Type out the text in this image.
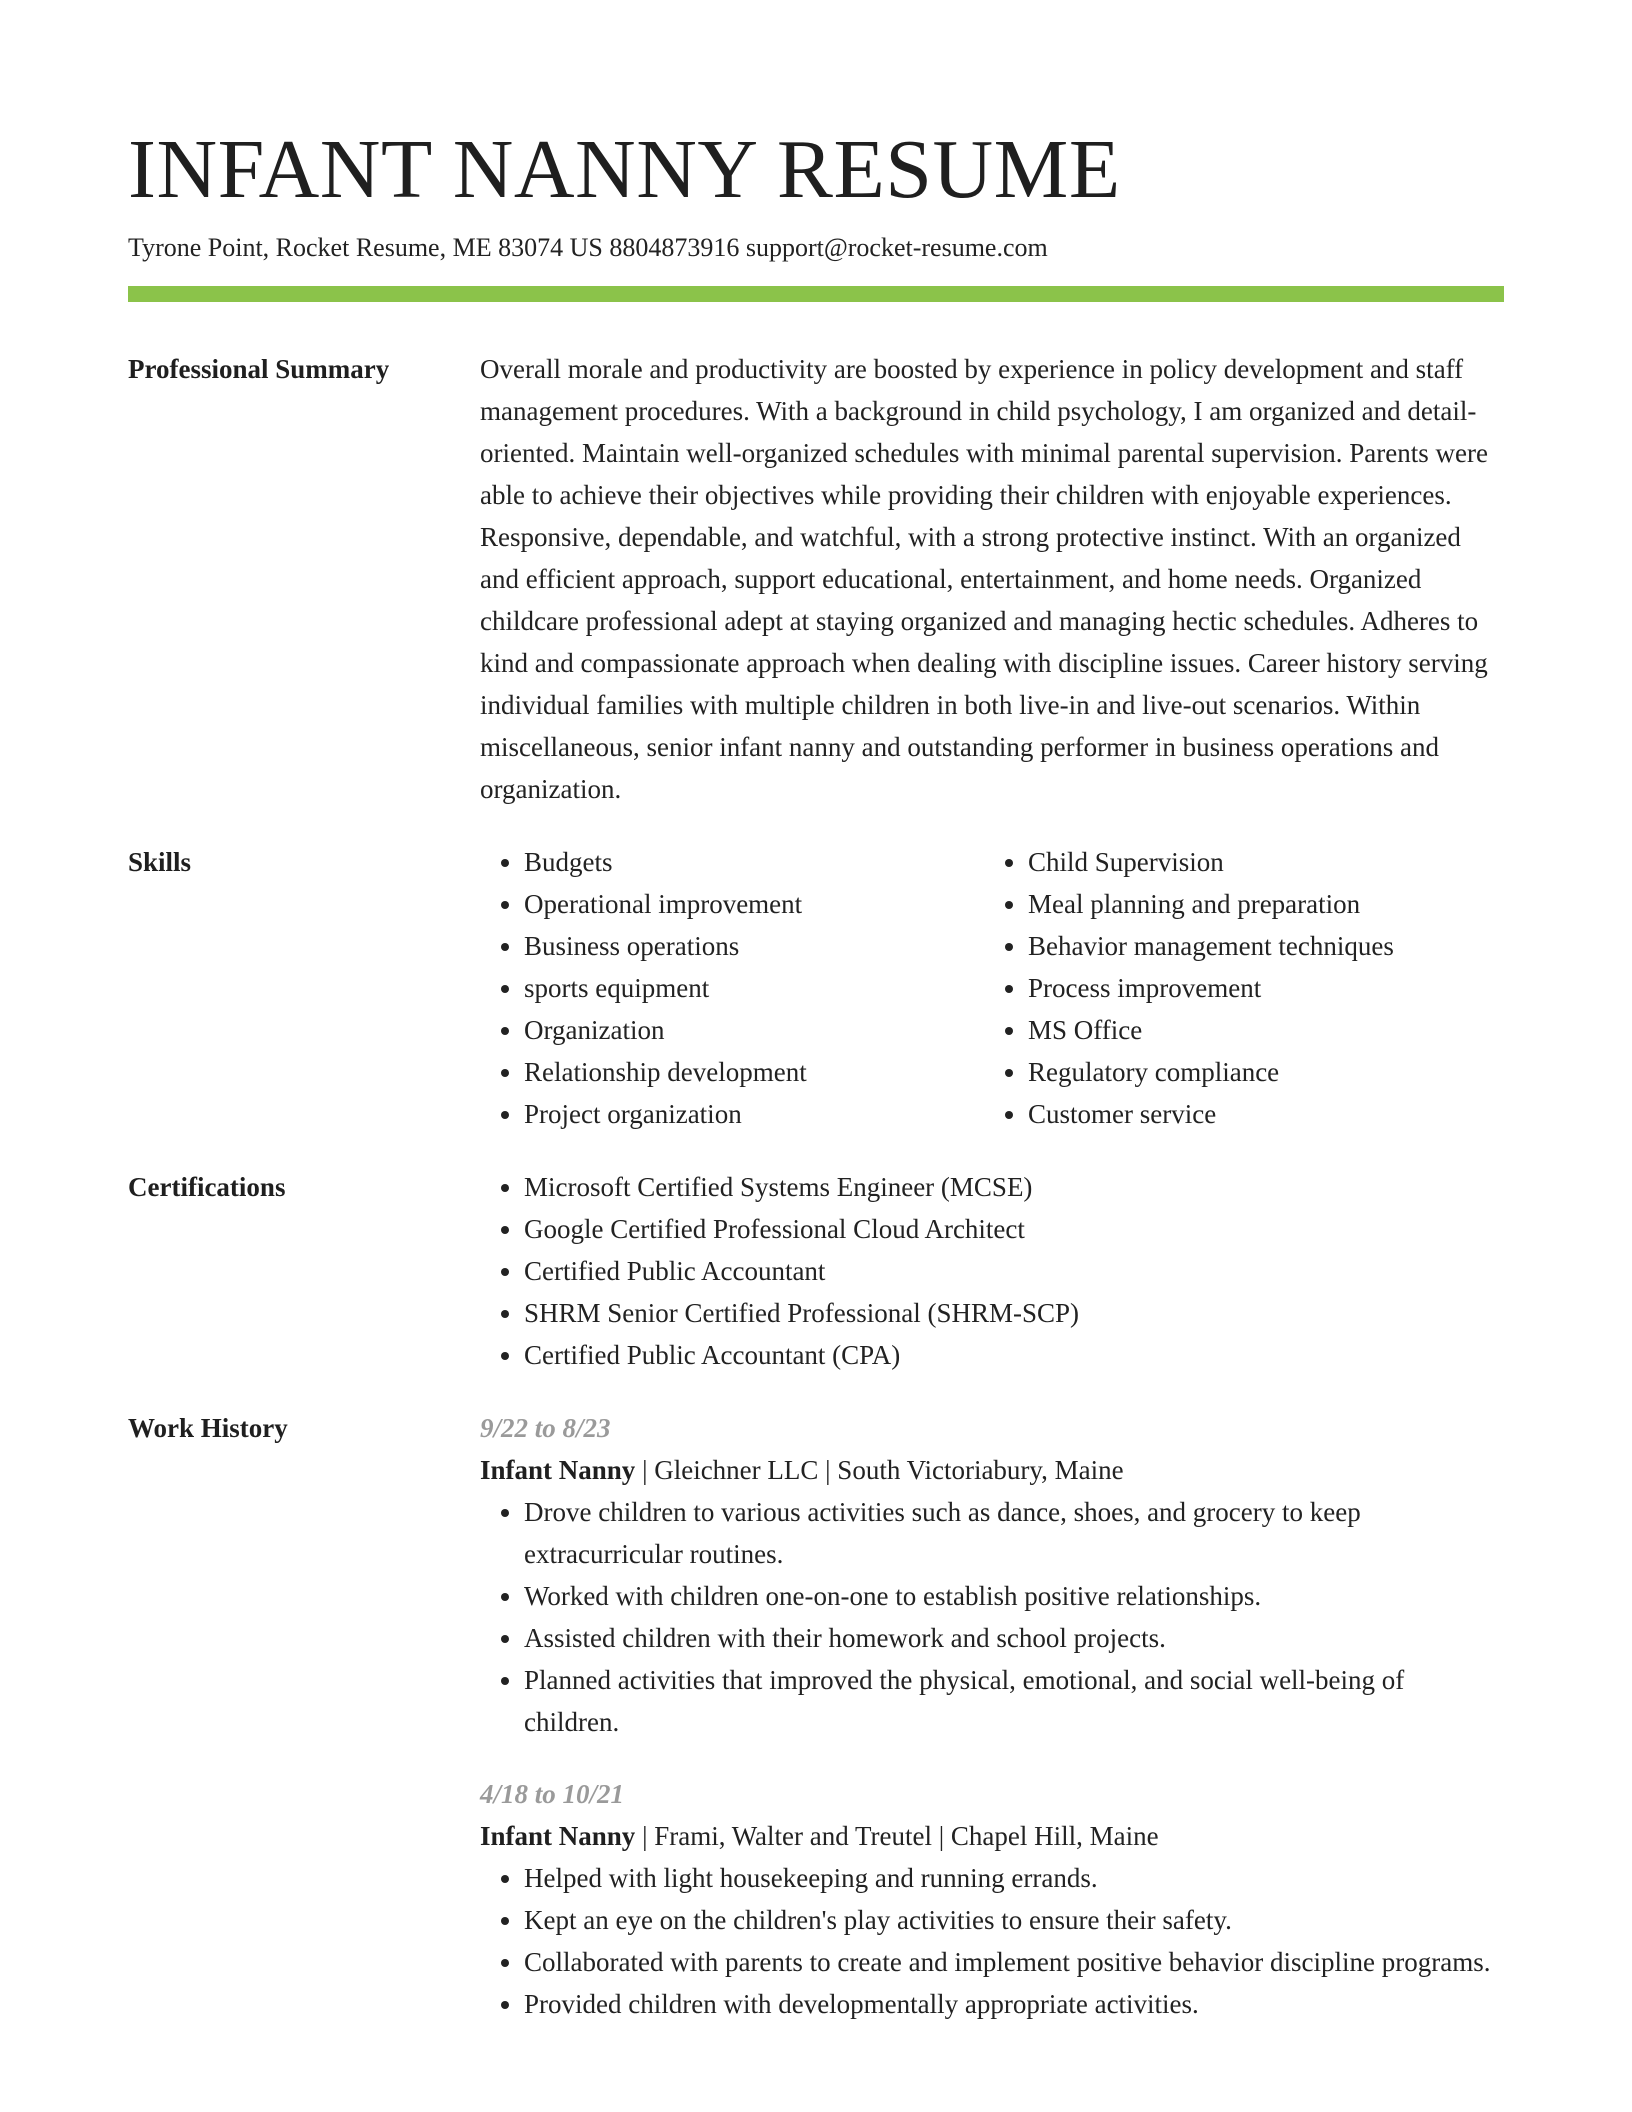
INFANT NANNY RESUME
Tyrone Point, Rocket Resume, ME 83074 US 8804873916 support@rocket-resume.com
Professional Summary	Overall morale and productivity are boosted by experience in policy development and staff management procedures. With a background in child psychology, I am organized and detail-oriented. Maintain well-organized schedules with minimal parental supervision. Parents were able to achieve their objectives while providing their children with enjoyable experiences. Responsive, dependable, and watchful, with a strong protective instinct. With an organized and efficient approach, support educational, entertainment, and home needs. Organized childcare professional adept at staying organized and managing hectic schedules. Adheres to kind and compassionate approach when dealing with discipline issues. Career history serving individual families with multiple children in both live-in and live-out scenarios. Within miscellaneous, senior infant nanny and outstanding performer in business operations and organization.

Skills	• Budgets
• Operational improvement
• Business operations
• sports equipment
• Organization
• Relationship development
• Project organization
• Child Supervision
• Meal planning and preparation
• Behavior management techniques
• Process improvement
• MS Office
• Regulatory compliance
• Customer service
Certifications	• Microsoft Certified Systems Engineer (MCSE)
• Google Certified Professional Cloud Architect
• Certified Public Accountant
• SHRM Senior Certified Professional (SHRM-SCP)
• Certified Public Accountant (CPA)
Work History	9/22 to 8/23
Infant Nanny | Gleichner LLC | South Victoriabury, Maine
• Drove children to various activities such as dance, shoes, and grocery to keep extracurricular routines.
• Worked with children one-on-one to establish positive relationships.
• Assisted children with their homework and school projects.
• Planned activities that improved the physical, emotional, and social well-being of children.
4/18 to 10/21
Infant Nanny | Frami, Walter and Treutel | Chapel Hill, Maine
• Helped with light housekeeping and running errands.
• Kept an eye on the children's play activities to ensure their safety.
• Collaborated with parents to create and implement positive behavior discipline programs.
• Provided children with developmentally appropriate activities.
